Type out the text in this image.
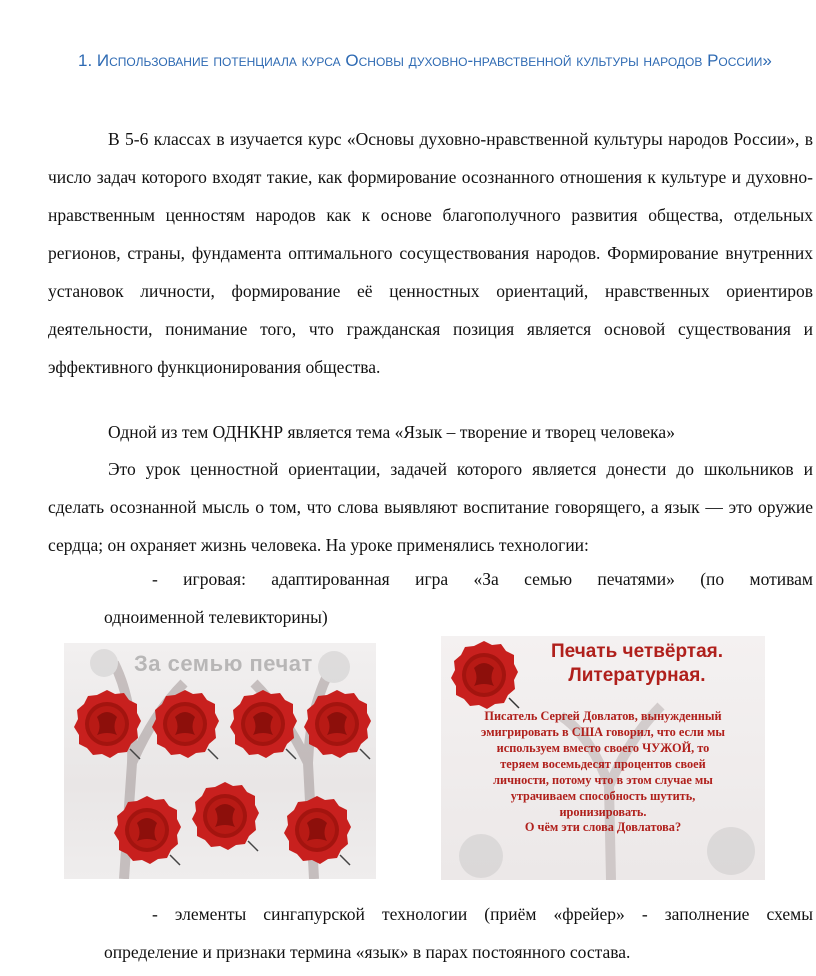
1. Использование потенциала курса Основы духовно-нравственной культуры народов России»

В 5-6 классах в изучается курс «Основы духовно-нравственной культуры народов России», в число задач которого входят такие, как формирование осознанного отношения к культуре и духовно-нравственным ценностям народов как к основе благополучного развития общества, отдельных регионов, страны, фундамента оптимального сосуществования народов. Формирование внутренних установок личности, формирование её ценностных ориентаций, нравственных ориентиров деятельности, понимание того, что гражданская позиция является основой существования и эффективного функционирования общества.

Одной из тем ОДНКНР является тема «Язык – творение и творец человека»

Это урок ценностной ориентации, задачей которого является донести до школьников и сделать осознанной мысль о том, что слова выявляют воспитание говорящего, а язык — это оружие сердца; он охраняет жизнь человека. На уроке применялись технологии:

- игровая: адаптированная игра «За семью печатями» (по мотивам
одноименной телевикторины)
За семью печат	Печать четвёртая.
Литературная.
Писатель Сергей Довлатов, вынужденный
эмигрировать в США говорил, что если мы
используем вместо своего ЧУЖОЙ, то
теряем восемьдесят процентов своей
личности, потому что в этом случае мы
утрачиваем способность шутить,
иронизировать.
О чём эти слова Довлатова?
- элементы сингапурской технологии (приём «фрейер» - заполнение схемы
определение и признаки термина «язык» в парах постоянного состава.
